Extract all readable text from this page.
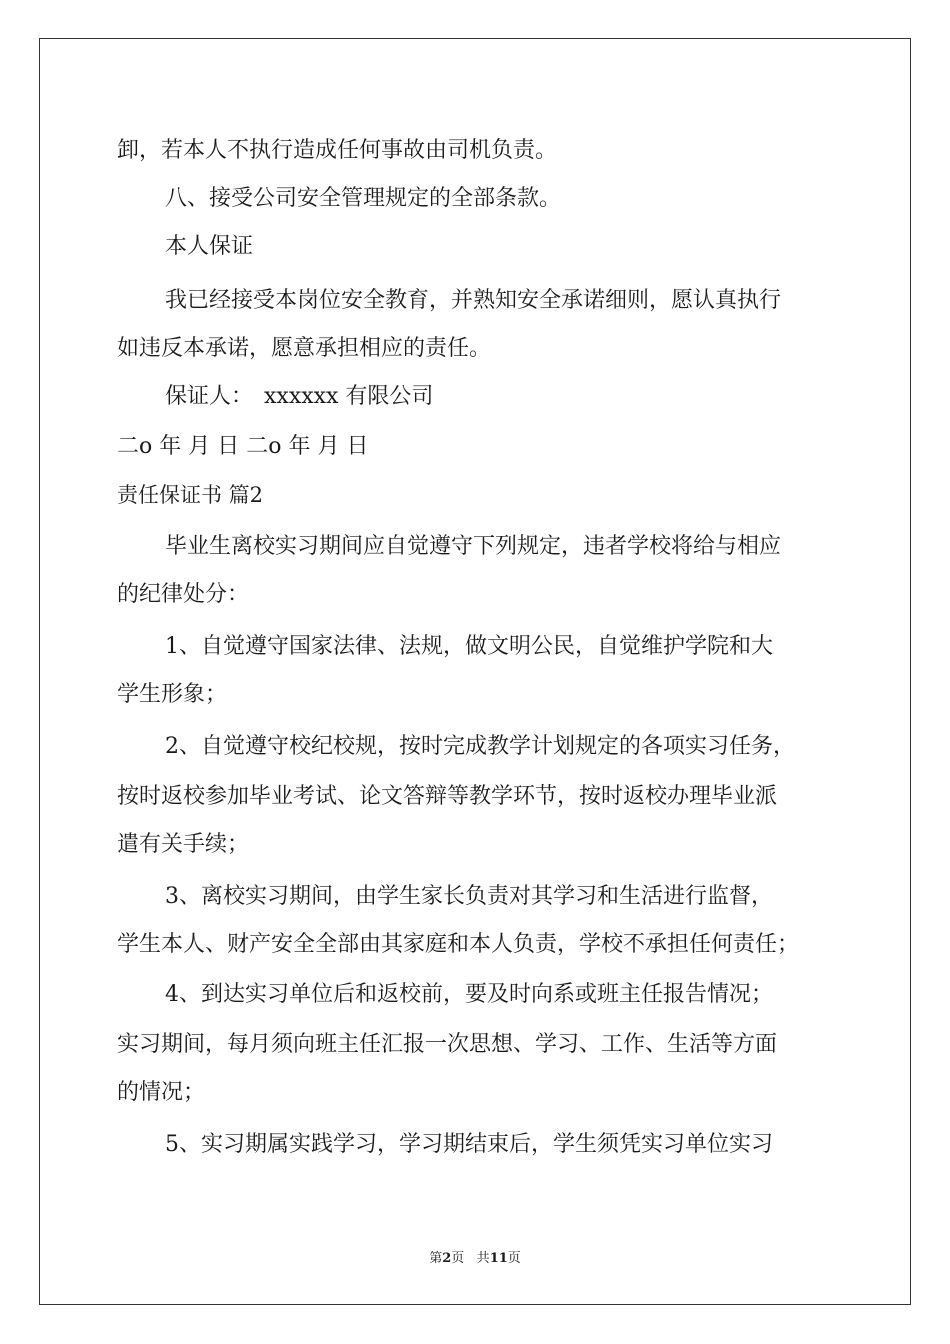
卸，若本人不执行造成任何事故由司机负责。
八、接受公司安全管理规定的全部条款。
本人保证
我已经接受本岗位安全教育，并熟知安全承诺细则，愿认真执行
如违反本承诺，愿意承担相应的责任。
保证人：　xxxxxx 有限公司
二o 年 月 日 二o 年 月 日
责任保证书 篇2
毕业生离校实习期间应自觉遵守下列规定，违者学校将给与相应
的纪律处分：
1、自觉遵守国家法律、法规，做文明公民，自觉维护学院和大
学生形象；
2、自觉遵守校纪校规，按时完成教学计划规定的各项实习任务，
按时返校参加毕业考试、论文答辩等教学环节，按时返校办理毕业派
遣有关手续；
3、离校实习期间，由学生家长负责对其学习和生活进行监督，
学生本人、财产安全全部由其家庭和本人负责，学校不承担任何责任；
4、到达实习单位后和返校前，要及时向系或班主任报告情况；
实习期间，每月须向班主任汇报一次思想、学习、工作、生活等方面
的情况；
5、实习期属实践学习，学习期结束后，学生须凭实习单位实习
第2页 共11页
